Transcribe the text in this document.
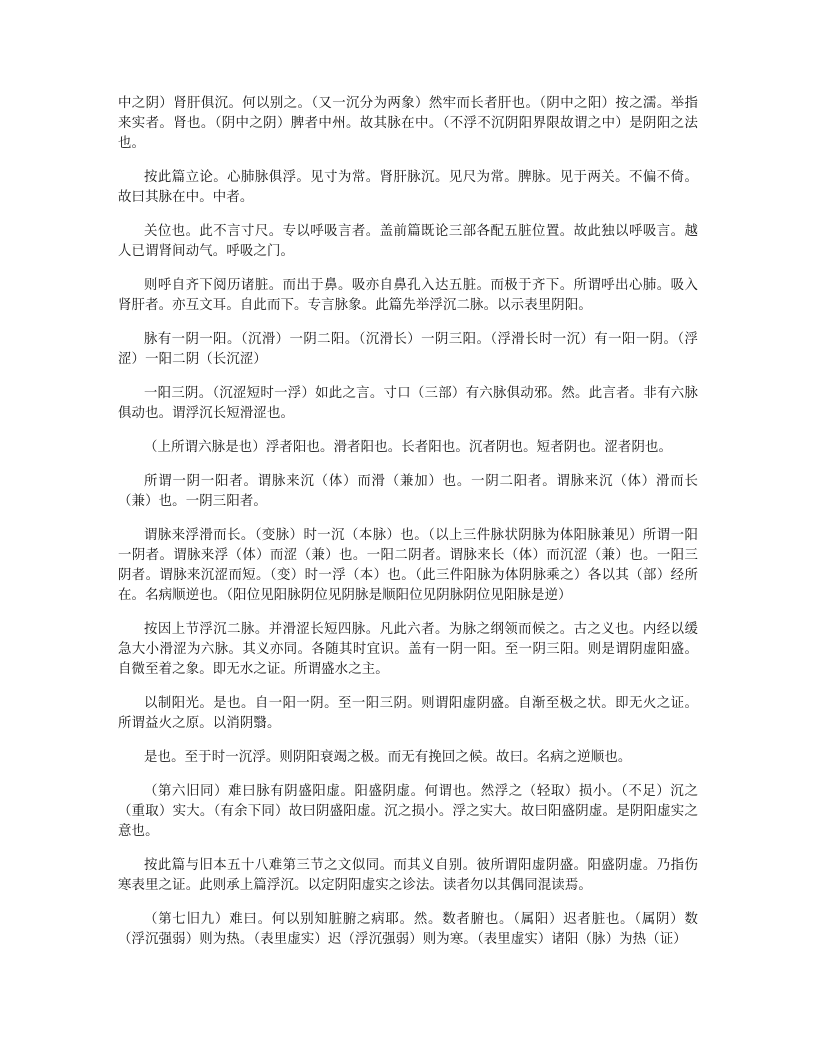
中之阴）肾肝俱沉。何以别之。（又一沉分为两象）然牢而长者肝也。（阴中之阳）按之濡。举指来实者。肾也。（阴中之阴）脾者中州。故其脉在中。（不浮不沉阴阳界限故谓之中）是阴阳之法也。

按此篇立论。心肺脉俱浮。见寸为常。肾肝脉沉。见尺为常。脾脉。见于两关。不偏不倚。故曰其脉在中。中者。

关位也。此不言寸尺。专以呼吸言者。盖前篇既论三部各配五脏位置。故此独以呼吸言。越人已谓肾间动气。呼吸之门。

则呼自齐下阅历诸脏。而出于鼻。吸亦自鼻孔入达五脏。而极于齐下。所谓呼出心肺。吸入肾肝者。亦互文耳。自此而下。专言脉象。此篇先举浮沉二脉。以示表里阴阳。

脉有一阴一阳。（沉滑）一阴二阳。（沉滑长）一阴三阳。（浮滑长时一沉）有一阳一阴。（浮涩）一阳二阴（长沉涩）

一阳三阴。（沉涩短时一浮）如此之言。寸口（三部）有六脉俱动邪。然。此言者。非有六脉俱动也。谓浮沉长短滑涩也。

（上所谓六脉是也）浮者阳也。滑者阳也。长者阳也。沉者阴也。短者阴也。涩者阴也。

所谓一阴一阳者。谓脉来沉（体）而滑（兼加）也。一阴二阳者。谓脉来沉（体）滑而长（兼）也。一阴三阳者。

谓脉来浮滑而长。（变脉）时一沉（本脉）也。（以上三件脉状阴脉为体阳脉兼见）所谓一阳一阴者。谓脉来浮（体）而涩（兼）也。一阳二阴者。谓脉来长（体）而沉涩（兼）也。一阳三阴者。谓脉来沉涩而短。（变）时一浮（本）也。（此三件阳脉为体阴脉乘之）各以其（部）经所在。名病顺逆也。（阳位见阳脉阴位见阴脉是顺阳位见阴脉阴位见阳脉是逆）

按因上节浮沉二脉。并滑涩长短四脉。凡此六者。为脉之纲领而候之。古之义也。内经以缓急大小滑涩为六脉。其义亦同。各随其时宜识。盖有一阴一阳。至一阴三阳。则是谓阴虚阳盛。自微至着之象。即无水之证。所谓盛水之主。

以制阳光。是也。自一阳一阴。至一阳三阴。则谓阳虚阴盛。自渐至极之状。即无火之证。所谓益火之原。以消阴翳。

是也。至于时一沉浮。则阴阳衰竭之极。而无有挽回之候。故曰。名病之逆顺也。

（第六旧同）难曰脉有阴盛阳虚。阳盛阴虚。何谓也。然浮之（轻取）损小。（不足）沉之（重取）实大。（有余下同）故曰阴盛阳虚。沉之损小。浮之实大。故曰阳盛阴虚。是阴阳虚实之意也。

按此篇与旧本五十八难第三节之文似同。而其义自别。彼所谓阳虚阴盛。阳盛阴虚。乃指伤寒表里之证。此则承上篇浮沉。以定阴阳虚实之诊法。读者勿以其偶同混读焉。

（第七旧九）难曰。何以别知脏腑之病耶。然。数者腑也。（属阳）迟者脏也。（属阴）数（浮沉强弱）则为热。（表里虚实）迟（浮沉强弱）则为寒。（表里虚实）诸阳（脉）为热（证）
